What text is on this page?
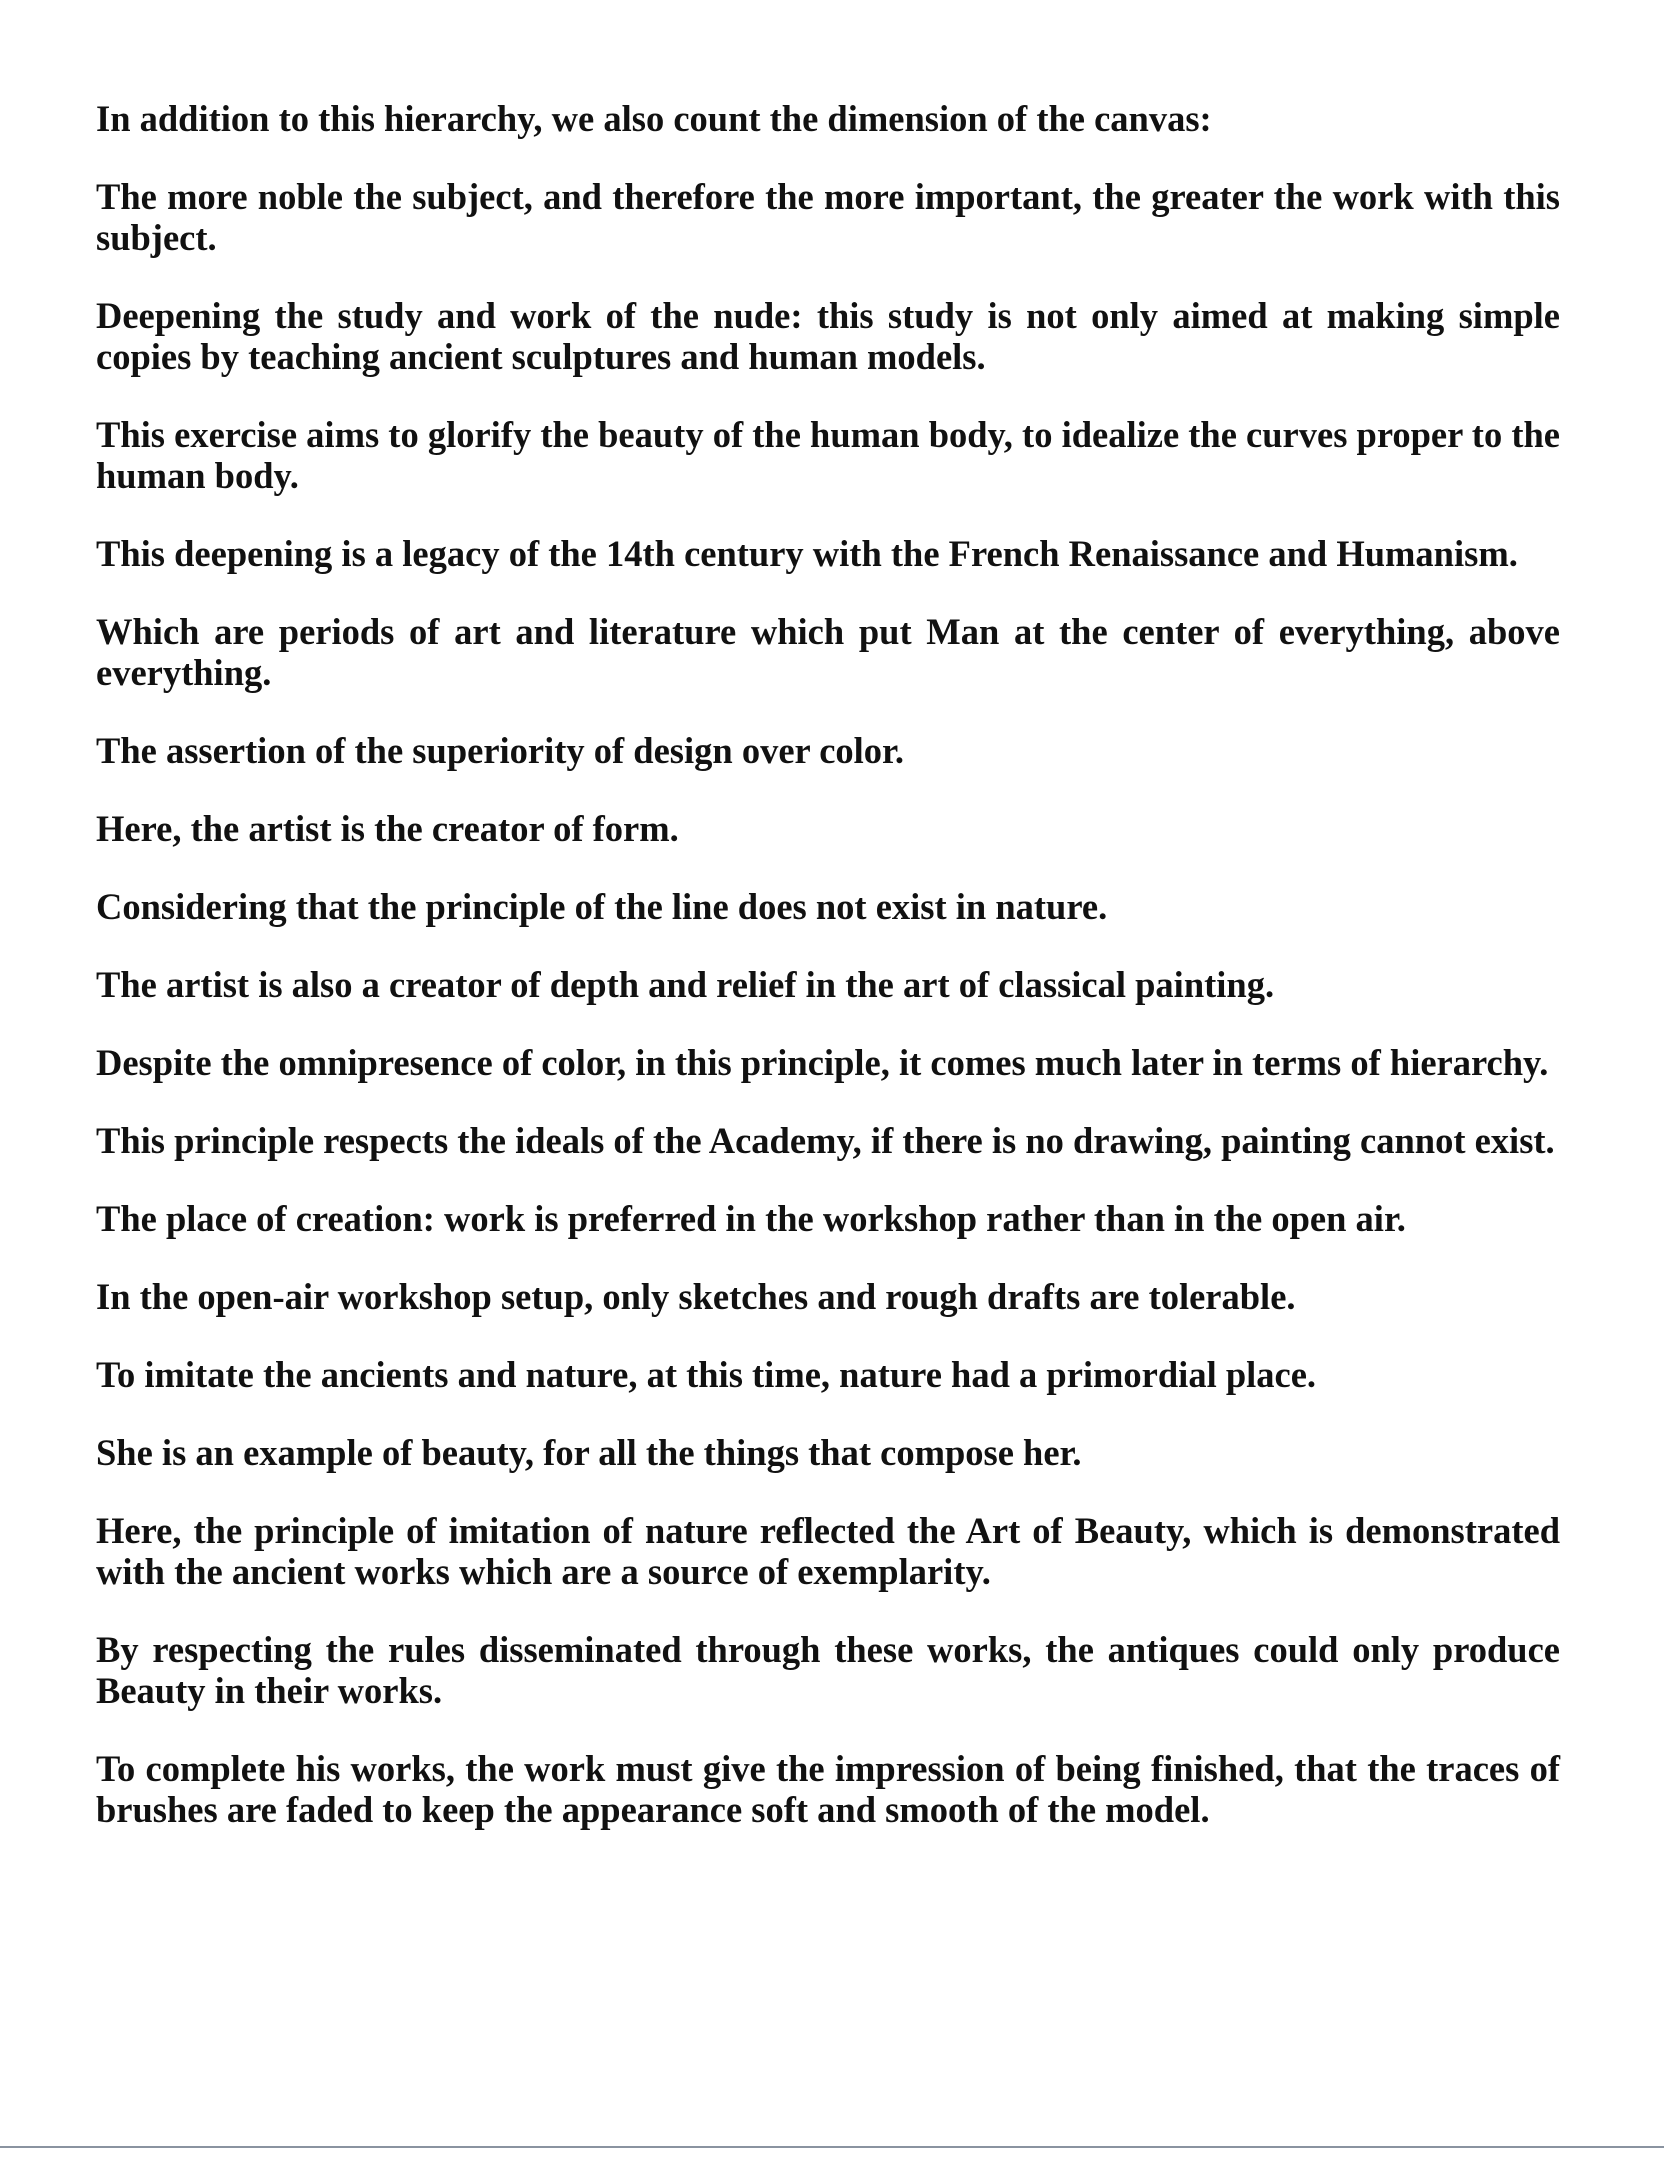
In addition to this hierarchy, we also count the dimension of the canvas:

The more noble the subject, and therefore the more important, the greater the work with this subject.

Deepening the study and work of the nude: this study is not only aimed at making simple copies by teaching ancient sculptures and human models.

This exercise aims to glorify the beauty of the human body, to idealize the curves proper to the human body.

This deepening is a legacy of the 14th century with the French Renaissance and Humanism.

Which are periods of art and literature which put Man at the center of everything, above everything.

The assertion of the superiority of design over color.

Here, the artist is the creator of form.

Considering that the principle of the line does not exist in nature.

The artist is also a creator of depth and relief in the art of classical painting.

Despite the omnipresence of color, in this principle, it comes much later in terms of hierarchy.

This principle respects the ideals of the Academy, if there is no drawing, painting cannot exist.

The place of creation: work is preferred in the workshop rather than in the open air.

In the open-air workshop setup, only sketches and rough drafts are tolerable.

To imitate the ancients and nature, at this time, nature had a primordial place.

She is an example of beauty, for all the things that compose her.

Here, the principle of imitation of nature reflected the Art of Beauty, which is demonstrated with the ancient works which are a source of exemplarity.

By respecting the rules disseminated through these works, the antiques could only produce Beauty in their works.

To complete his works, the work must give the impression of being finished, that the traces of brushes are faded to keep the appearance soft and smooth of the model.
